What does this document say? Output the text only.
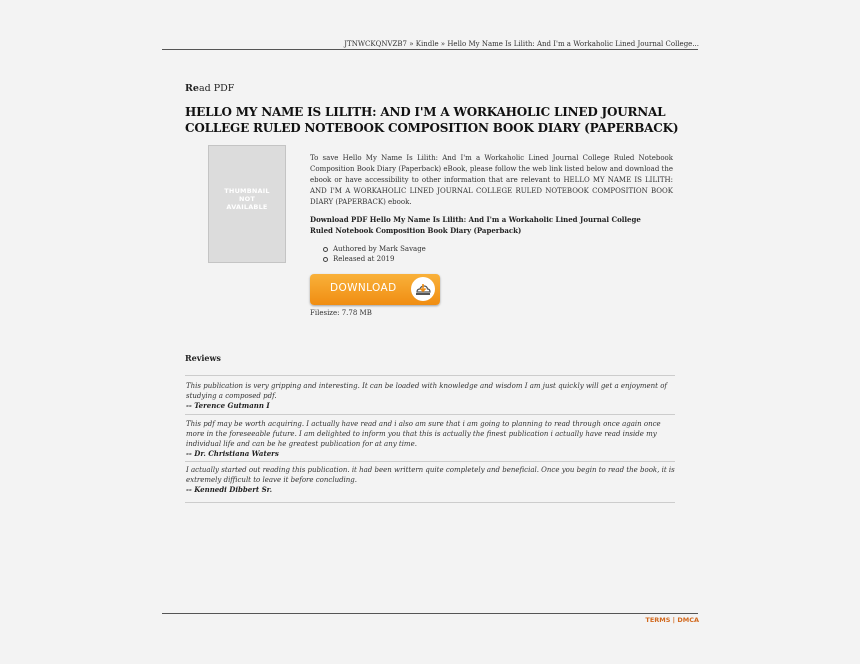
JTNWCKQNVZB7 » Kindle » Hello My Name Is Lilith: And I'm a Workaholic Lined Journal College...
Read PDF
HELLO MY NAME IS LILITH: AND I'M A WORKAHOLIC LINED JOURNAL COLLEGE RULED NOTEBOOK COMPOSITION BOOK DIARY (PAPERBACK)
THUMBNAIL
NOT
AVAILABLE
To save Hello My Name Is Lilith: And I'm a Workaholic Lined Journal College Ruled Notebook Composition Book Diary (Paperback) eBook, please follow the web link listed below and download the ebook or have accessibility to other information that are relevant to HELLO MY NAME IS LILITH: AND I'M A WORKAHOLIC LINED JOURNAL COLLEGE RULED NOTEBOOK COMPOSITION BOOK DIARY (PAPERBACK) ebook.
Download PDF Hello My Name Is Lilith: And I'm a Workaholic Lined Journal College Ruled Notebook Composition Book Diary (Paperback)
Authored by Mark Savage
Released at 2019
DOWNLOAD
Filesize: 7.78 MB
Reviews
This publication is very gripping and interesting. It can be loaded with knowledge and wisdom I am just quickly will get a enjoyment of studying a composed pdf.
-- Terence Gutmann I
This pdf may be worth acquiring. I actually have read and i also am sure that i am going to planning to read through once again once more in the foreseeable future. I am delighted to inform you that this is actually the finest publication i actually have read inside my individual life and can be he greatest publication for at any time.
-- Dr. Christiana Waters
I actually started out reading this publication. it had been writtern quite completely and beneficial. Once you begin to read the book, it is extremely difficult to leave it before concluding.
-- Kennedi Dibbert Sr.
TERMS | DMCA
